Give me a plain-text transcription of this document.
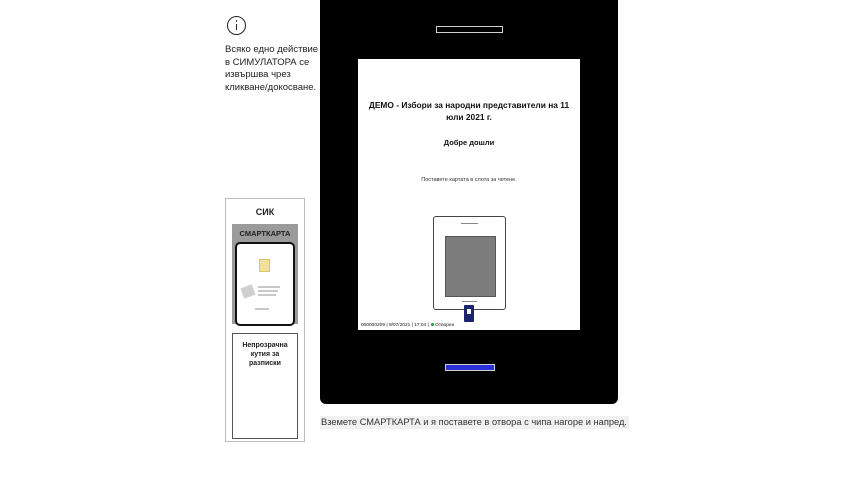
Всяко едно действие в СИМУЛАТОРА се извършва чрез кликване/докосване.
СИК
СМАРТКАРТА
Непрозрачна кутия за разписки
ДЕМО - Избори за народни представители на 11 юли 2021 г.
Добре дошли
Поставете картата в слота за четене.
000000209 | 9/07/2021 | 17:04 | Отворен
Вземете СМАРТКАРТА и я поставете в отвора с чипа нагоре и напред.
